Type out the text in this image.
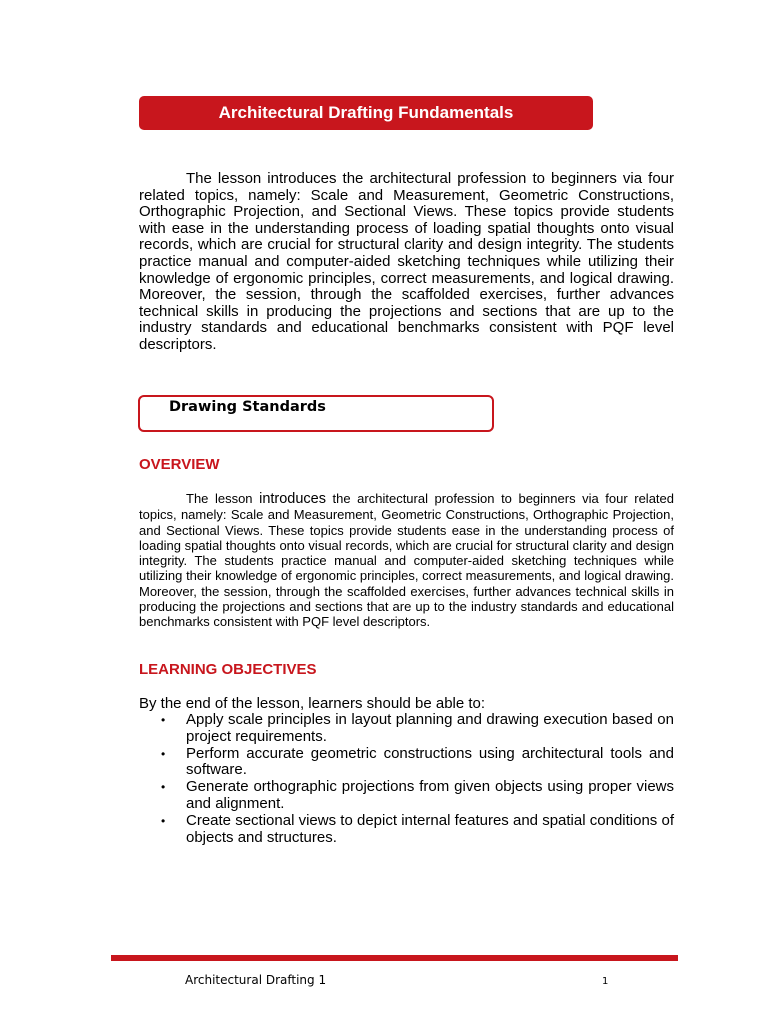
Architectural Drafting Fundamentals

The lesson introduces the architectural profession to beginners via four related topics, namely: Scale and Measurement, Geometric Constructions, Orthographic Projection, and Sectional Views. These topics provide students with ease in the understanding process of loading spatial thoughts onto visual records, which are crucial for structural clarity and design integrity. The students practice manual and computer-aided sketching techniques while utilizing their knowledge of ergonomic principles, correct measurements, and logical drawing. Moreover, the session, through the scaffolded exercises, further advances technical skills in producing the projections and sections that are up to the industry standards and educational benchmarks consistent with PQF level descriptors.

Drawing Standards
OVERVIEW

The lesson introduces the architectural profession to beginners via four related topics, namely: Scale and Measurement, Geometric Constructions, Orthographic Projection, and Sectional Views. These topics provide students ease in the understanding process of loading spatial thoughts onto visual records, which are crucial for structural clarity and design integrity. The students practice manual and computer-aided sketching techniques while utilizing their knowledge of ergonomic principles, correct measurements, and logical drawing. Moreover, the session, through the scaffolded exercises, further advances technical skills in producing the projections and sections that are up to the industry standards and educational benchmarks consistent with PQF level descriptors.

LEARNING OBJECTIVES

By the end of the lesson, learners should be able to:

• Apply scale principles in layout planning and drawing execution based on project requirements.
• Perform accurate geometric constructions using architectural tools and software.
• Generate orthographic projections from given objects using proper views and alignment.
• Create sectional views to depict internal features and spatial conditions of objects and structures.
Architectural Drafting 1	1
